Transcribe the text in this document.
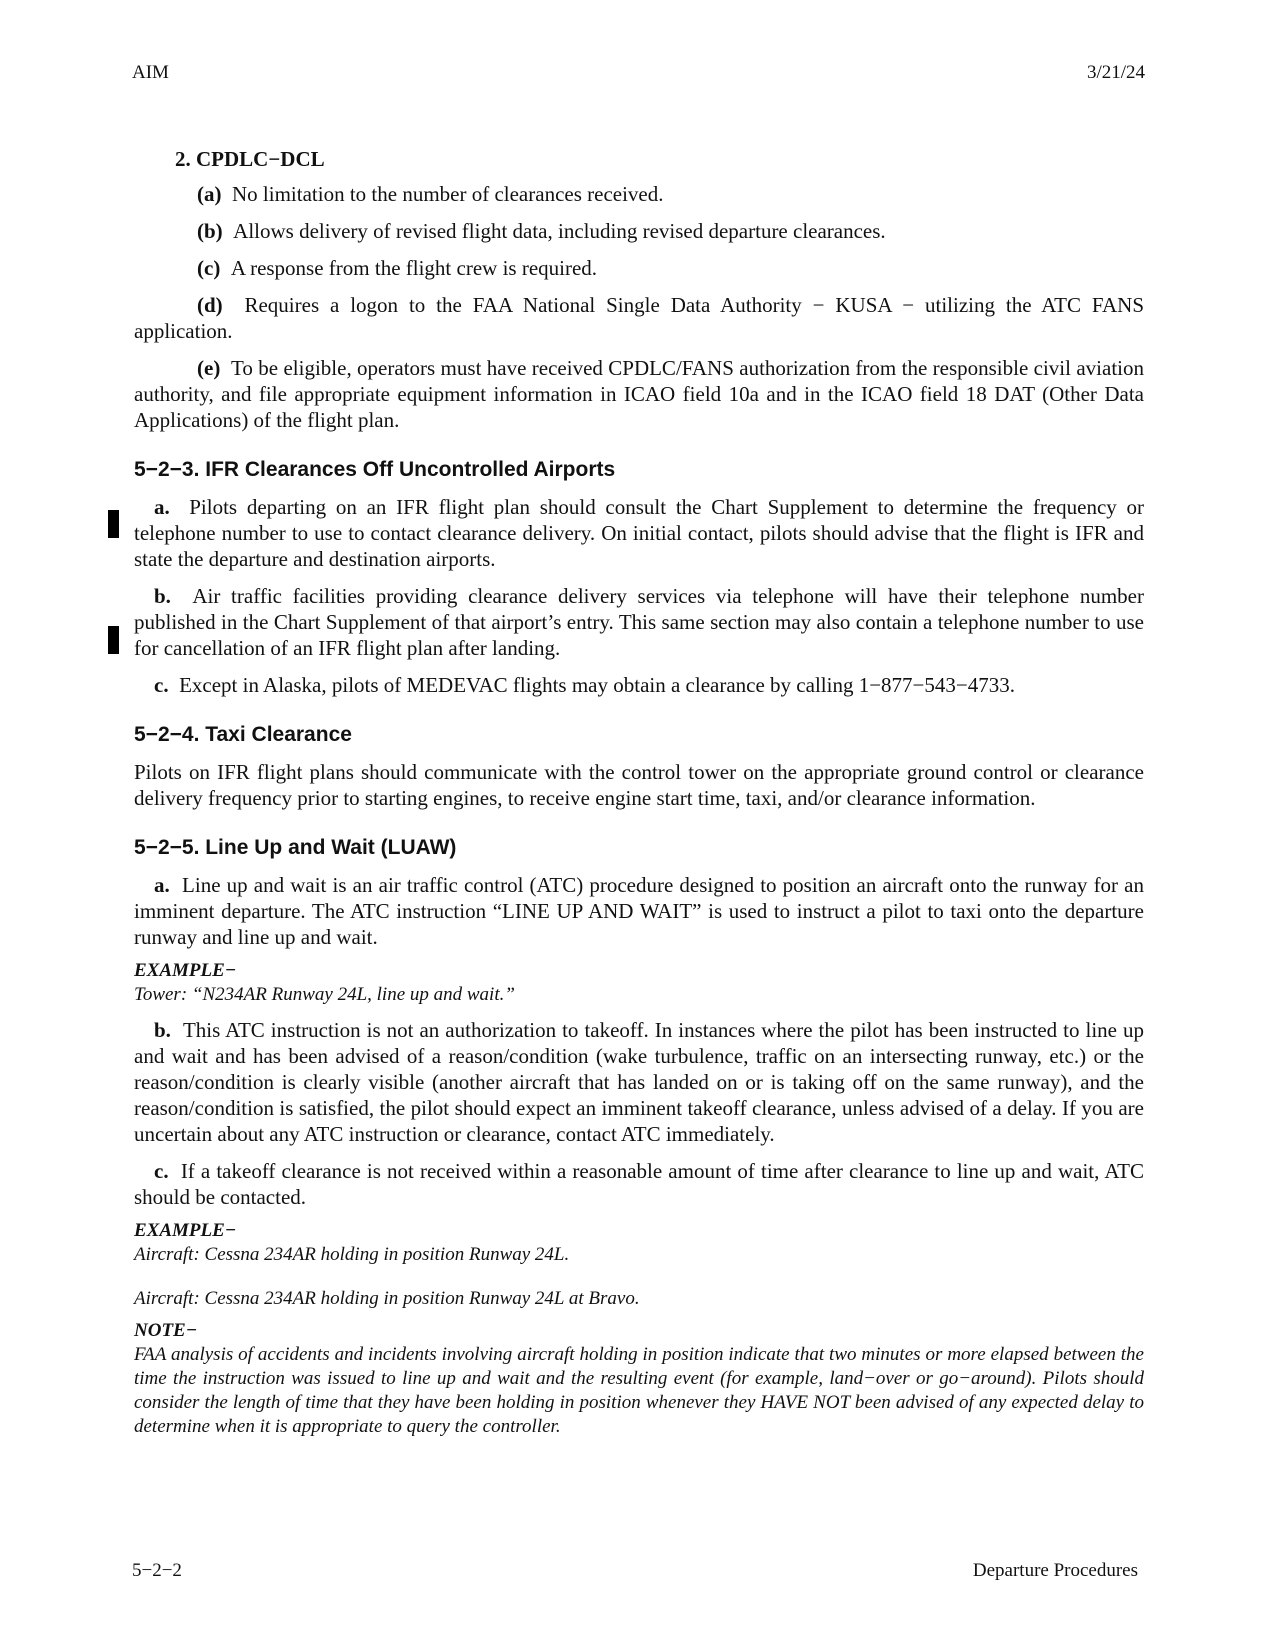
AIM	3/21/24

2. CPDLC−DCL

(a) No limitation to the number of clearances received.

(b) Allows delivery of revised flight data, including revised departure clearances.

(c) A response from the flight crew is required.

(d) Requires a logon to the FAA National Single Data Authority − KUSA − utilizing the ATC FANS application.

(e) To be eligible, operators must have received CPDLC/FANS authorization from the responsible civil aviation authority, and file appropriate equipment information in ICAO field 10a and in the ICAO field 18 DAT (Other Data Applications) of the flight plan.

5−2−3. IFR Clearances Off Uncontrolled Airports

a. Pilots departing on an IFR flight plan should consult the Chart Supplement to determine the frequency or telephone number to use to contact clearance delivery. On initial contact, pilots should advise that the flight is IFR and state the departure and destination airports.

b. Air traffic facilities providing clearance delivery services via telephone will have their telephone number published in the Chart Supplement of that airport’s entry. This same section may also contain a telephone number to use for cancellation of an IFR flight plan after landing.

c. Except in Alaska, pilots of MEDEVAC flights may obtain a clearance by calling 1−877−543−4733.

5−2−4. Taxi Clearance

Pilots on IFR flight plans should communicate with the control tower on the appropriate ground control or clearance delivery frequency prior to starting engines, to receive engine start time, taxi, and/or clearance information.

5−2−5. Line Up and Wait (LUAW)

a. Line up and wait is an air traffic control (ATC) procedure designed to position an aircraft onto the runway for an imminent departure. The ATC instruction “LINE UP AND WAIT” is used to instruct a pilot to taxi onto the departure runway and line up and wait.

EXAMPLE−
Tower: “N234AR Runway 24L, line up and wait.”

b. This ATC instruction is not an authorization to takeoff. In instances where the pilot has been instructed to line up and wait and has been advised of a reason/condition (wake turbulence, traffic on an intersecting runway, etc.) or the reason/condition is clearly visible (another aircraft that has landed on or is taking off on the same runway), and the reason/condition is satisfied, the pilot should expect an imminent takeoff clearance, unless advised of a delay. If you are uncertain about any ATC instruction or clearance, contact ATC immediately.

c. If a takeoff clearance is not received within a reasonable amount of time after clearance to line up and wait, ATC should be contacted.

EXAMPLE−
Aircraft: Cessna 234AR holding in position Runway 24L.
Aircraft: Cessna 234AR holding in position Runway 24L at Bravo.
NOTE−

FAA analysis of accidents and incidents involving aircraft holding in position indicate that two minutes or more elapsed between the time the instruction was issued to line up and wait and the resulting event (for example, land−over or go−around). Pilots should consider the length of time that they have been holding in position whenever they HAVE NOT been advised of any expected delay to determine when it is appropriate to query the controller.

5−2−2	Departure Procedures
